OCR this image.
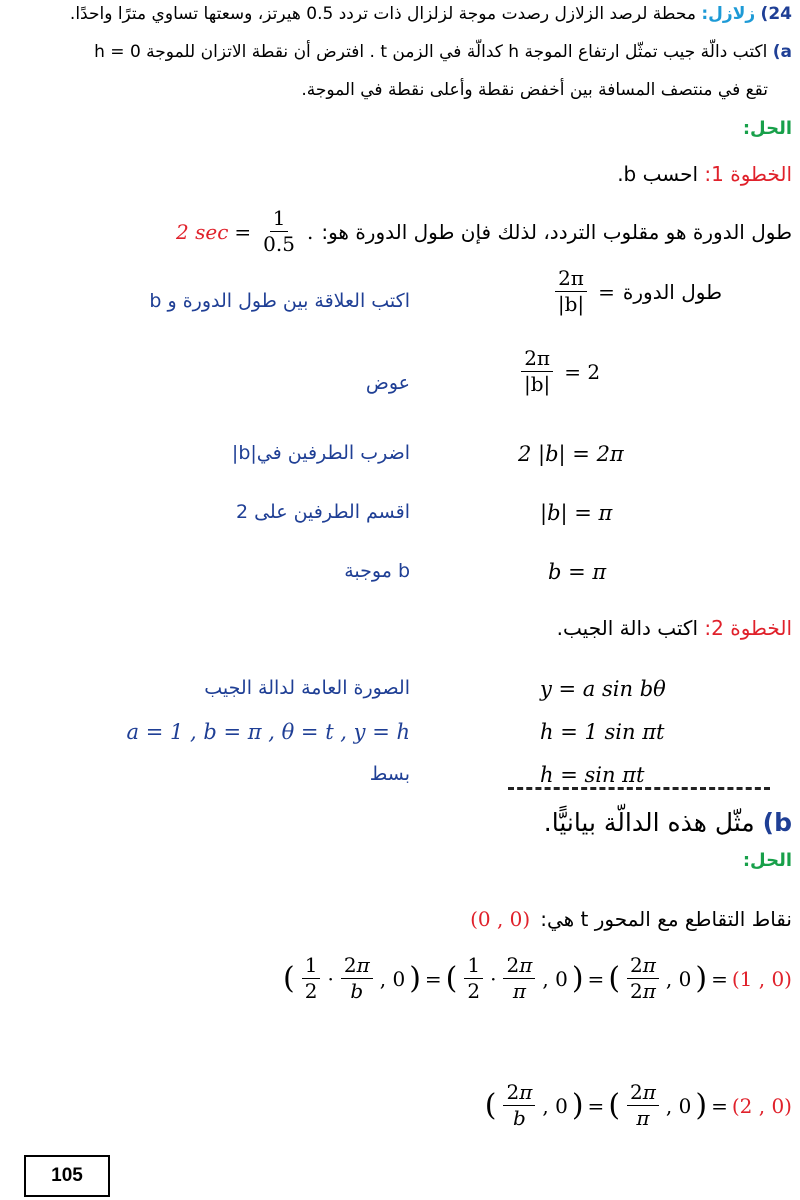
24) زلازل: محطة لرصد الزلازل رصدت موجة لزلزال ذات تردد 0.5 هيرتز، وسعتها تساوي مترًا واحدًا.
a) اكتب دالّة جيب تمثّل ارتفاع الموجة h كدالّة في الزمن t . افترض أن نقطة الاتزان للموجة 0 = h
تقع في منتصف المسافة بين أخفض نقطة وأعلى نقطة في الموجة.
الحل:
الخطوة 1: احسب b.
طول الدورة هو مقلوب التردد، لذلك فإن طول الدورة هو:
2 $\sec = \frac{1}{0.5}$ .
طول الدورة
=
$\frac{2\pi}{|b|}$
اكتب العلاقة بين طول الدورة و b
$\frac{2\pi}{|b|} = 2$
عوض
2 |b| = 2π
اضرب الطرفين في|b|
|b| = π
اقسم الطرفين على 2
b = π
b موجبة
الخطوة 2: اكتب دالة الجيب.
y = a sin bθ
الصورة العامة لدالة الجيب
h = 1 sin πt
a = 1 , b = π , θ = t , y = h
h = sin πt
بسط
b) مثّل هذه الدالّة بيانيًّا.
الحل:
نقاط التقاطع مع المحور t هي:
(0 , 0)
( $\frac{1}{2} \cdot \frac{2\pi}{b}$ , 0 ) = ( $\frac{1}{2} \cdot \frac{2\pi}{\pi}$ , 0 ) = ( $\frac{2\pi}{2\pi}$ , 0 ) = (1 , 0)
( $\frac{2\pi}{b}$ , 0 ) = ( $\frac{2\pi}{\pi}$ , 0 ) = (2 , 0)
105
